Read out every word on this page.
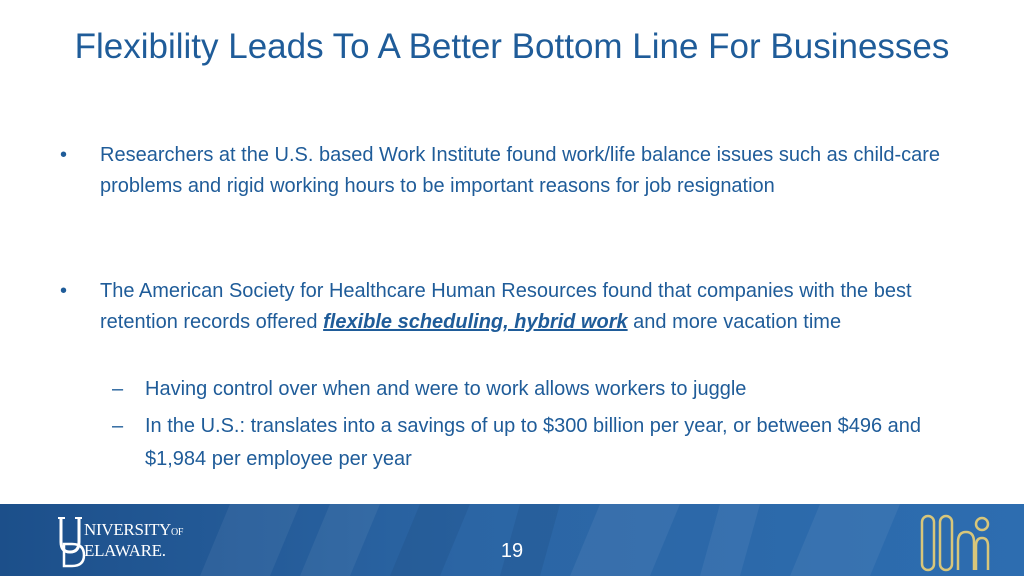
Flexibility Leads To A Better Bottom Line For Businesses
•	Researchers at the U.S. based Work Institute found work/life balance issues such as child-care problems and rigid working hours to be important reasons for job resignation
•	The American Society for Healthcare Human Resources found that companies with the best retention records offered flexible scheduling, hybrid work and more vacation time
– Having control over when and were to work allows workers to juggle
– In the U.S.: translates into a savings of up to $300 billion per year, or between $496 and $1,984 per employee per year
NIVERSITYOF
ELAWARE.	19
